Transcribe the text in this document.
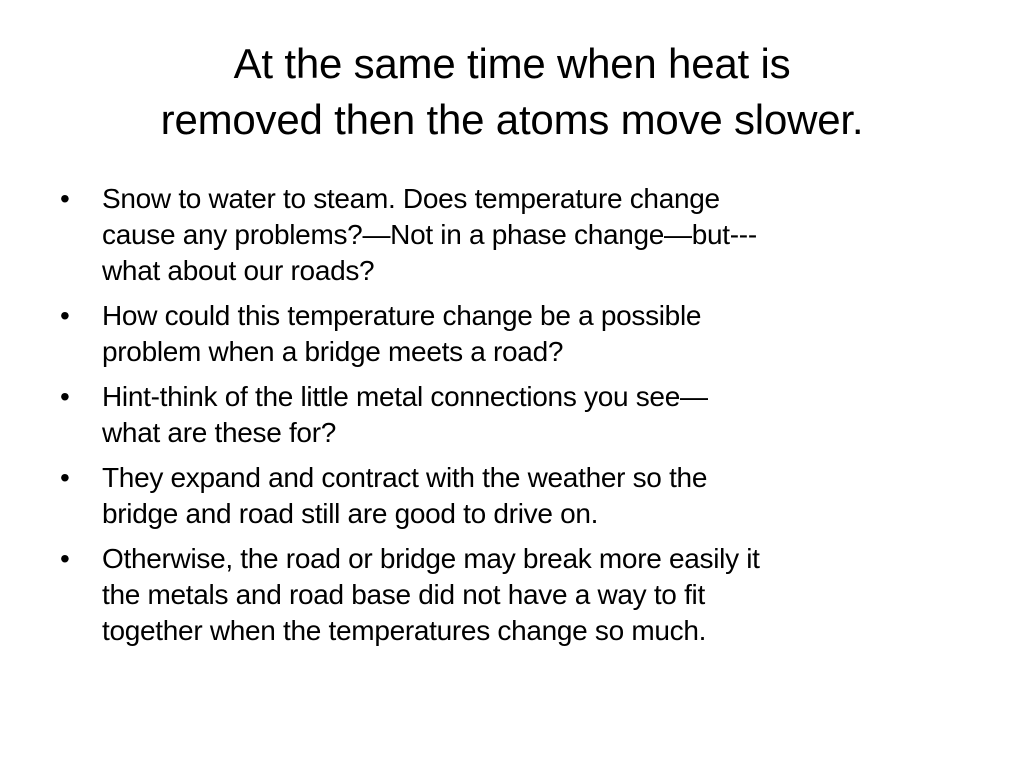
At the same time when heat is
removed then the atoms move slower.
•	Snow to water to steam. Does temperature change
cause any problems?—Not in a phase change—but---
what about our roads?
•	How could this temperature change be a possible
problem when a bridge meets a road?
•	Hint-think of the little metal connections you see—
what are these for?
•	They expand and contract with the weather so the
bridge and road still are good to drive on.
•	Otherwise, the road or bridge may break more easily it
the metals and road base did not have a way to fit
together when the temperatures change so much.
